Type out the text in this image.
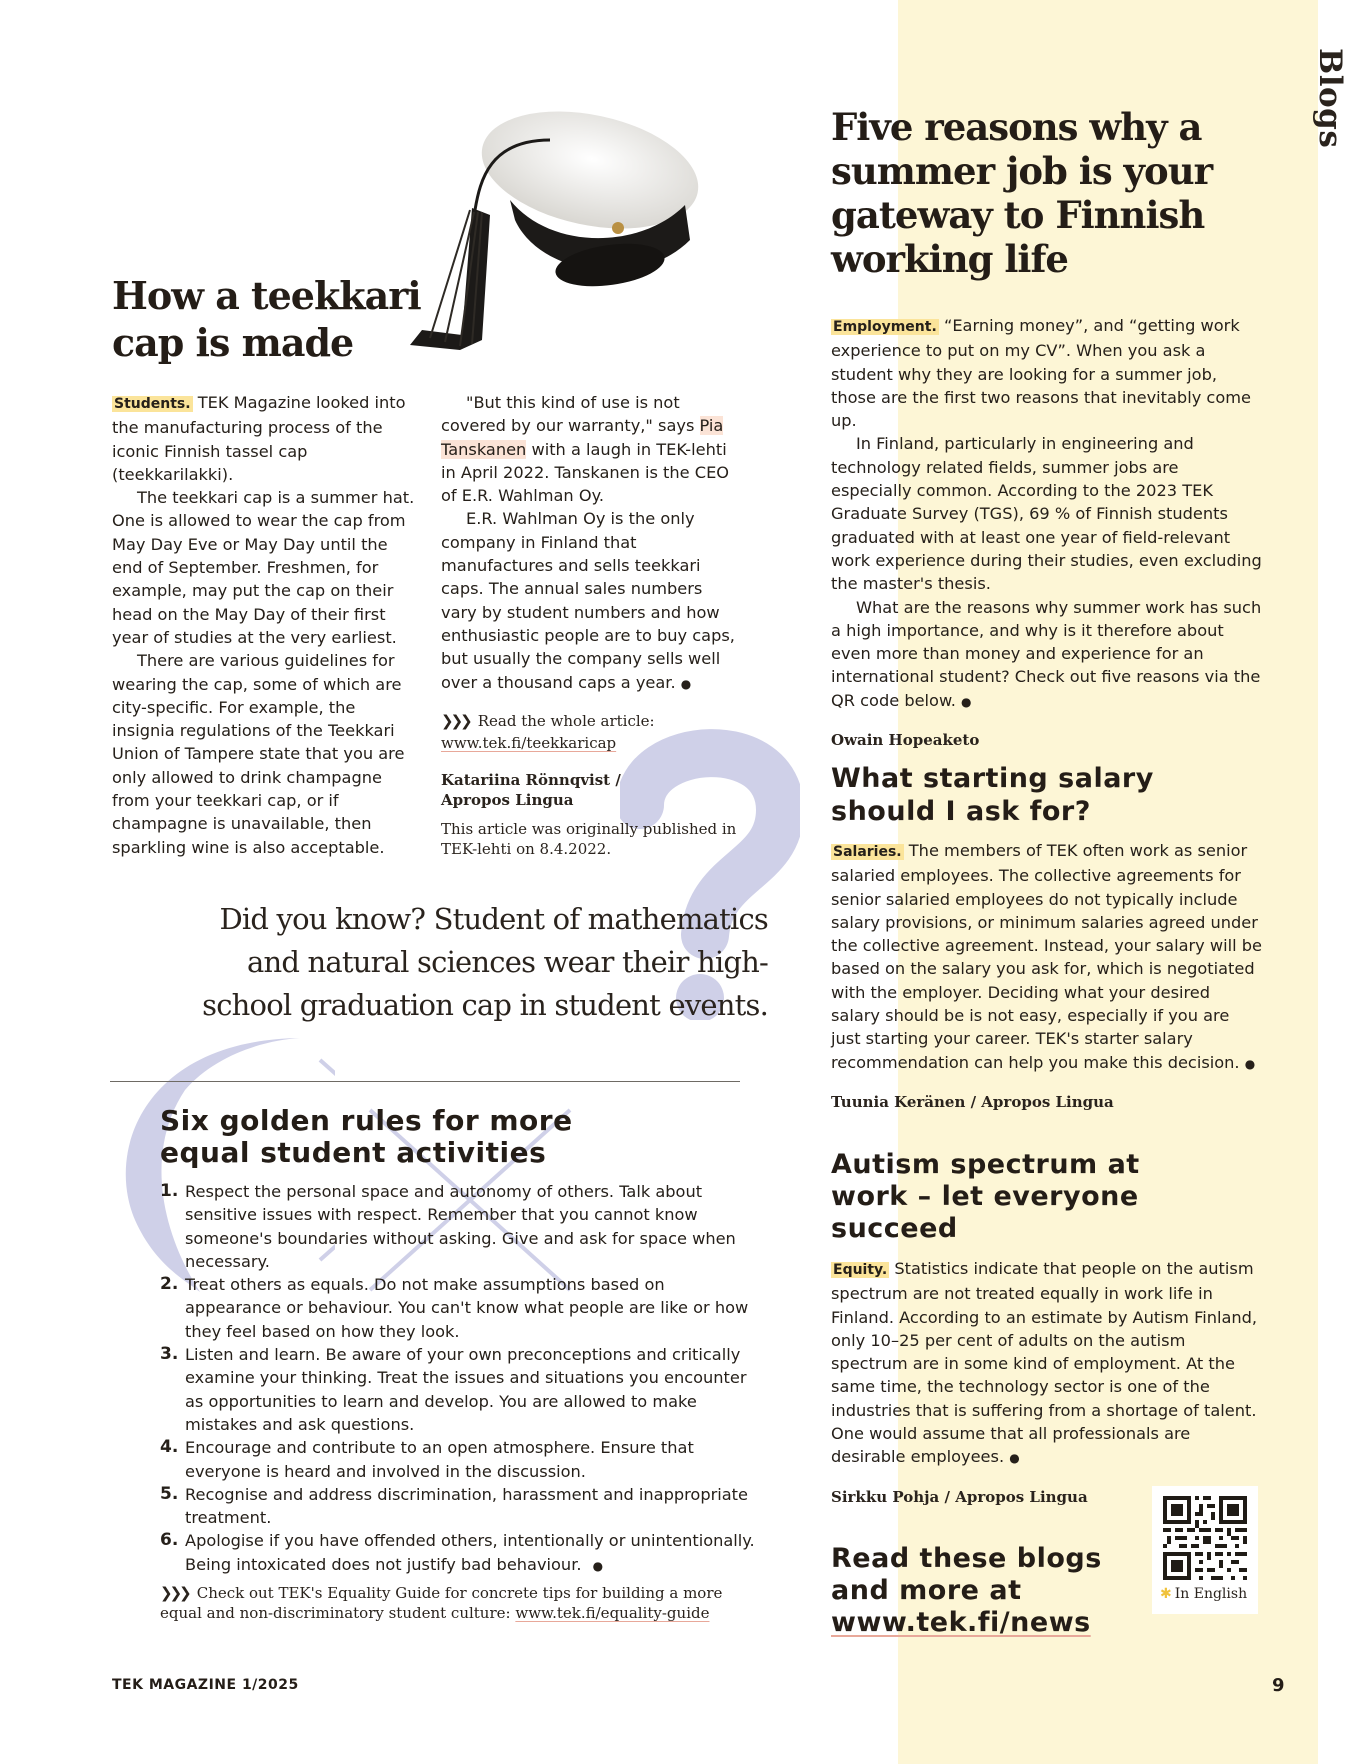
Blogs
How a teekkari
cap is made

Students. TEK Magazine looked into the manufacturing process of the iconic Finnish tassel cap (teekkarilakki).

The teekkari cap is a summer hat. One is allowed to wear the cap from May Day Eve or May Day until the end of September. Freshmen, for example, may put the cap on their head on the May Day of their first year of studies at the very earliest.

There are various guidelines for wearing the cap, some of which are city-specific. For example, the insignia regulations of the Teekkari Union of Tampere state that you are only allowed to drink champagne from your teekkari cap, or if champagne is unavailable, then sparkling wine is also acceptable.

"But this kind of use is not covered by our warranty," says Pia Tanskanen with a laugh in TEK-lehti in April 2022. Tanskanen is the CEO of E.R. Wahlman Oy.

E.R. Wahlman Oy is the only company in Finland that manufactures and sells teekkari caps. The annual sales numbers vary by student numbers and how enthusiastic people are to buy caps, but usually the company sells well over a thousand caps a year. ●

❯❯❯ Read the whole article: www.tek.fi/teekkaricap
Katariina Rönnqvist /
Apropos Lingua
This article was originally published in TEK-lehti on 8.4.2022.
Did you know? Student of mathematics and natural sciences wear their high-school graduation cap in student events.
Six golden rules for more
equal student activities
1. Respect the personal space and autonomy of others. Talk about sensitive issues with respect. Remember that you cannot know someone's boundaries without asking. Give and ask for space when necessary.
2. Treat others as equals. Do not make assumptions based on appearance or behaviour. You can't know what people are like or how they feel based on how they look.
3. Listen and learn. Be aware of your own preconceptions and critically examine your thinking. Treat the issues and situations you encounter as opportunities to learn and develop. You are allowed to make mistakes and ask questions.
4. Encourage and contribute to an open atmosphere. Ensure that everyone is heard and involved in the discussion.
5. Recognise and address discrimination, harassment and inappropriate treatment.
6. Apologise if you have offended others, intentionally or unintentionally. Being intoxicated does not justify bad behaviour. ●
❯❯❯ Check out TEK's Equality Guide for concrete tips for building a more equal and non-discriminatory student culture: www.tek.fi/equality-guide
Five reasons why a
summer job is your
gateway to Finnish
working life

Employment. “Earning money”, and “getting work experience to put on my CV”. When you ask a student why they are looking for a summer job, those are the first two reasons that inevitably come up.

In Finland, particularly in engineering and technology related fields, summer jobs are especially common. According to the 2023 TEK Graduate Survey (TGS), 69 % of Finnish students graduated with at least one year of field-relevant work experience during their studies, even excluding the master's thesis.

What are the reasons why summer work has such a high importance, and why is it therefore about even more than money and experience for an international student? Check out five reasons via the QR code below. ●

Owain Hopeaketo
What starting salary
should I ask for?

Salaries. The members of TEK often work as senior salaried employees. The collective agreements for senior salaried employees do not typically include salary provisions, or minimum salaries agreed under the collective agreement. Instead, your salary will be based on the salary you ask for, which is negotiated with the employer. Deciding what your desired salary should be is not easy, especially if you are just starting your career. TEK's starter salary recommendation can help you make this decision. ●

Tuunia Keränen / Apropos Lingua
Autism spectrum at
work – let everyone
succeed

Equity. Statistics indicate that people on the autism spectrum are not treated equally in work life in Finland. According to an estimate by Autism Finland, only 10–25 per cent of adults on the autism spectrum are in some kind of employment. At the same time, the technology sector is one of the industries that is suffering from a shortage of talent. One would assume that all professionals are desirable employees. ●

Sirkku Pohja / Apropos Lingua
Read these blogs
and more at
www.tek.fi/news
✱ In English
TEK MAGAZINE 1/2025	9
